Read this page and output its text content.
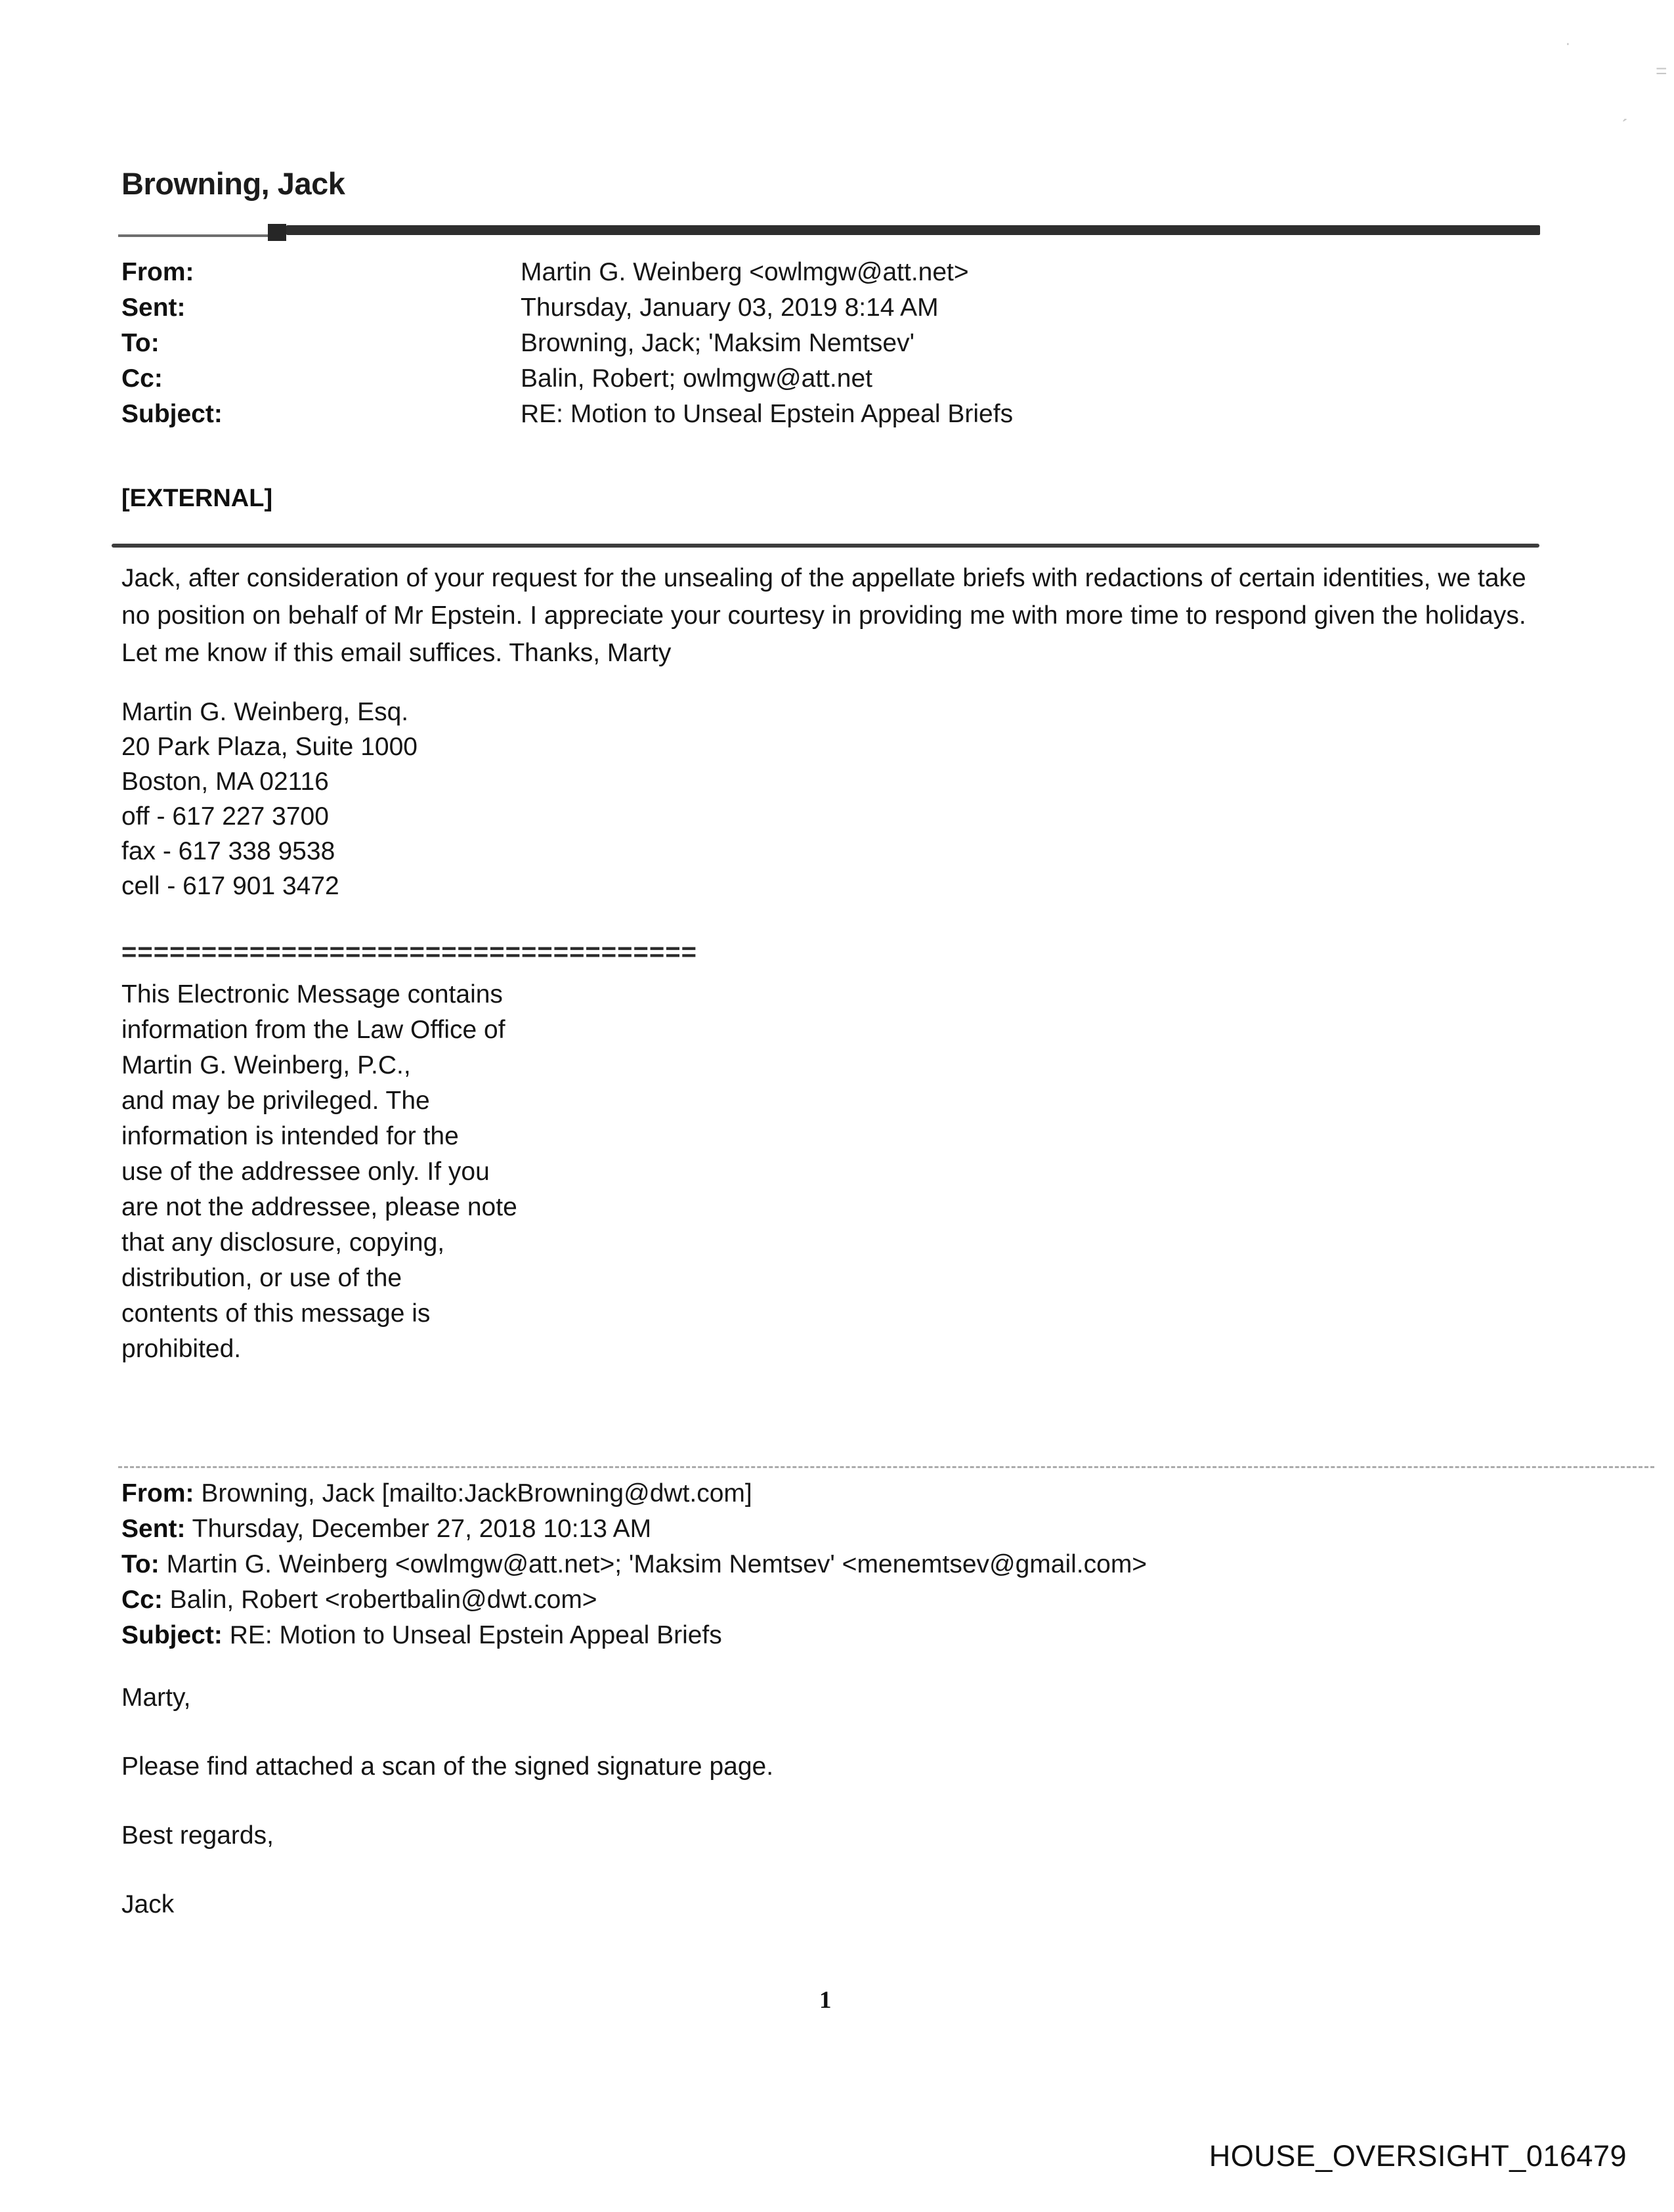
·
=
ˏ
Browning, Jack
From:	Martin G. Weinberg <owlmgw@att.net>
Sent:	Thursday, January 03, 2019 8:14 AM
To:	Browning, Jack; 'Maksim Nemtsev'
Cc:	Balin, Robert; owlmgw@att.net
Subject:	RE: Motion to Unseal Epstein Appeal Briefs
[EXTERNAL]
Jack, after consideration of your request for the unsealing of the appellate briefs with redactions of certain identities, we take no position on behalf of Mr Epstein. I appreciate your courtesy in providing me with more time to respond given the holidays. Let me know if this email suffices. Thanks, Marty
Martin G. Weinberg, Esq.
20 Park Plaza, Suite 1000
Boston, MA 02116
off - 617 227 3700
fax - 617 338 9538
cell - 617 901 3472
====================================
This Electronic Message contains
information from the Law Office of
Martin G. Weinberg, P.C.,
and may be privileged. The
information is intended for the
use of the addressee only. If you
are not the addressee, please note
that any disclosure, copying,
distribution, or use of the
contents of this message is
prohibited.
From: Browning, Jack [mailto:JackBrowning@dwt.com]
Sent: Thursday, December 27, 2018 10:13 AM
To: Martin G. Weinberg <owlmgw@att.net>; 'Maksim Nemtsev' <menemtsev@gmail.com>
Cc: Balin, Robert <robertbalin@dwt.com>
Subject: RE: Motion to Unseal Epstein Appeal Briefs

Marty,

Please find attached a scan of the signed signature page.

Best regards,

Jack

1
HOUSE_OVERSIGHT_016479
